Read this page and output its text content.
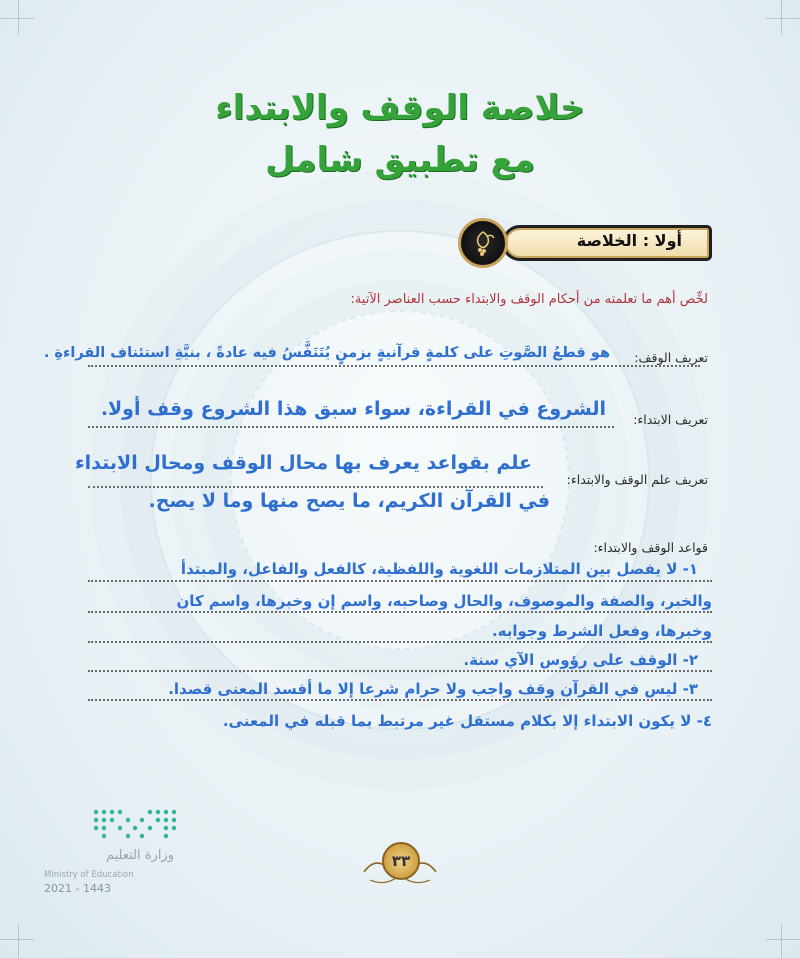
خلاصة الوقف والابتداء
مع تطبيق شامل
أولا : الخلاصة
لخِّص أهم ما تعلمته من أحكام الوقف والابتداء حسب العناصر الآتية:
تعريف الوقف:
هو قطعُ الصَّوتِ على كلمةٍ قرآنيةٍ بزمنٍ يُتَنَفَّسُ فيه عادةً ، بنيَّةِ استئناف القراءةِ .
تعريف الابتداء:
الشروع في القراءة، سواء سبق هذا الشروع وقف أولا.
تعريف علم الوقف والابتداء:
علم بقواعد يعرف بها محال الوقف ومحال الابتداء
في القرآن الكريم، ما يصح منها وما لا يصح.
قواعد الوقف والابتداء:
١- لا يفصل بين المتلازمات اللغوية واللفظية، كالفعل والفاعل، والمبتدأ
والخبر، والصفة والموصوف، والحال وصاحبه، واسم إن وخبرها، واسم كان
وخبرها، وفعل الشرط وجوابه.
٢- الوقف على رؤوس الآي سنة.
٣- ليس في القرآن وقف واجب ولا حرام شرعا إلا ما أفسد المعنى قصدا.
٤- لا يكون الابتداء إلا بكلام مستقل غير مرتبط بما قبله في المعنى.
٣٣
وزارة التعليم
Ministry of Education
2021 - 1443
